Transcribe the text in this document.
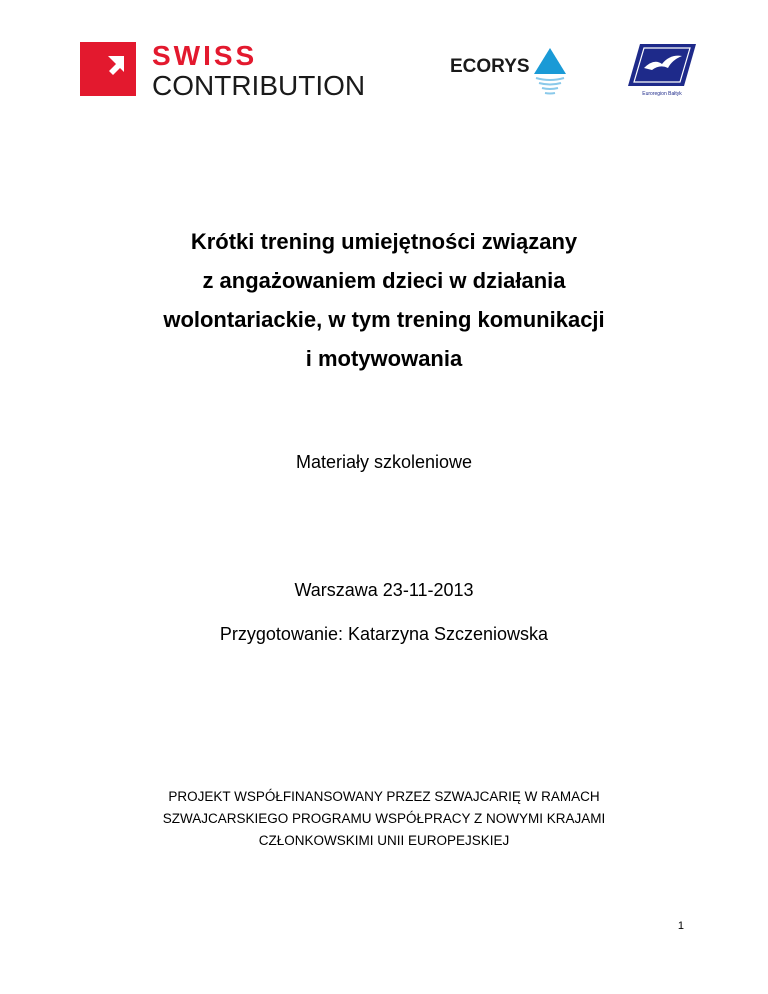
SWISS
CONTRIBUTION
ECORYS
Euroregion Bałtyk
Krótki trening umiejętności związany
z angażowaniem dzieci w działania
wolontariackie, w tym trening komunikacji
i motywowania

Materiały szkoleniowe

Warszawa 23-11-2013

Przygotowanie: Katarzyna Szczeniowska

PROJEKT WSPÓŁFINANSOWANY PRZEZ SZWAJCARIĘ W RAMACH
SZWAJCARSKIEGO PROGRAMU WSPÓŁPRACY Z NOWYMI KRAJAMI
CZŁONKOWSKIMI UNII EUROPEJSKIEJ

1
